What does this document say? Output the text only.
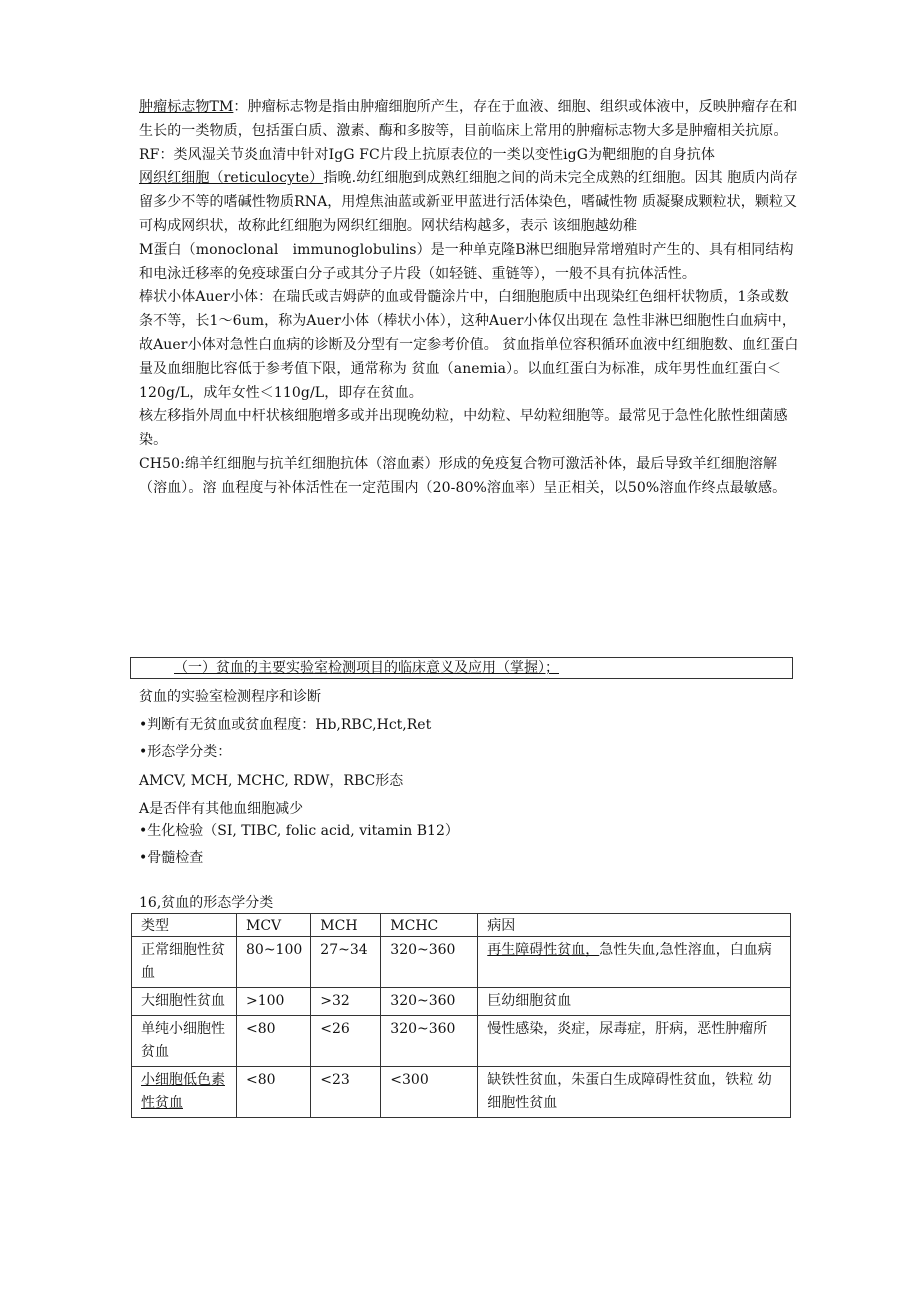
肿瘤标志物TM：肿瘤标志物是指由肿瘤细胞所产生，存在于血液、细胞、组织或体液中，反映肿瘤存在和生长的一类物质，包括蛋白质、激素、酶和多胺等，目前临床上常用的肿瘤标志物大多是肿瘤相关抗原。

RF：类风湿关节炎血清中针对IgG FC片段上抗原表位的一类以变性igG为靶细胞的自身抗体

网织红细胞（reticulocyte）指晚.幼红细胞到成熟红细胞之间的尚未完全成熟的红细胞。因其 胞质内尚存留多少不等的嗜碱性物质RNA，用煌焦油蓝或新亚甲蓝进行活体染色，嗜碱性物 质凝聚成颗粒状，颗粒又可构成网织状，故称此红细胞为网织红细胞。网状结构越多，表示 该细胞越幼稚

M蛋白（monoclonal　immunoglobulins）是一种单克隆B淋巴细胞异常增殖时产生的、具有相同结构和电泳迁移率的免疫球蛋白分子或其分子片段（如轻链、重链等），一般不具有抗体活性。

棒状小体Auer小体：在瑞氏或吉姆萨的血或骨髓涂片中，白细胞胞质中出现染红色细杆状物质，1条或数条不等，长1～6um，称为Auer小体（棒状小体），这种Auer小体仅出现在 急性非淋巴细胞性白血病中，故Auer小体对急性白血病的诊断及分型有一定参考价值。 贫血指单位容积循环血液中红细胞数、血红蛋白量及血细胞比容低于参考值下限，通常称为 贫血（anemia）。以血红蛋白为标准，成年男性血红蛋白＜120g/L，成年女性＜110g/L，即存在贫血。

核左移指外周血中杆状核细胞增多或并出现晚幼粒，中幼粒、早幼粒细胞等。最常见于急性化脓性细菌感染。

CH50:绵羊红细胞与抗羊红细胞抗体（溶血素）形成的免疫复合物可激活补体，最后导致羊红细胞溶解（溶血）。溶 血程度与补体活性在一定范围内（20-80%溶血率）呈正相关，以50%溶血作终点最敏感。

（一）贫血的主要实验室检测项目的临床意义及应用（掌握）；
贫血的实验室检测程序和诊断
•判断有无贫血或贫血程度：Hb,RBC,Hct,Ret
•形态学分类：
AMCV, MCH, MCHC, RDW，RBC形态
A是否伴有其他血细胞减少
•生化检验（SI, TIBC, folic acid, vitamin B12）
•骨髓检查
16,贫血的形态学分类
类型	MCV	MCH	MCHC	病因
正常细胞性贫血	80~100	27~34	320~360	再生障碍性贫血，急性失血,急性溶血，白血病
大细胞性贫血	>100	>32	320~360	巨幼细胞贫血
单纯小细胞性贫血	<80	<26	320~360	慢性感染，炎症，尿毒症，肝病，恶性肿瘤所
小细胞低色素性贫血	<80	<23	<300	缺铁性贫血，朱蛋白生成障碍性贫血，铁粒 幼细胞性贫血
